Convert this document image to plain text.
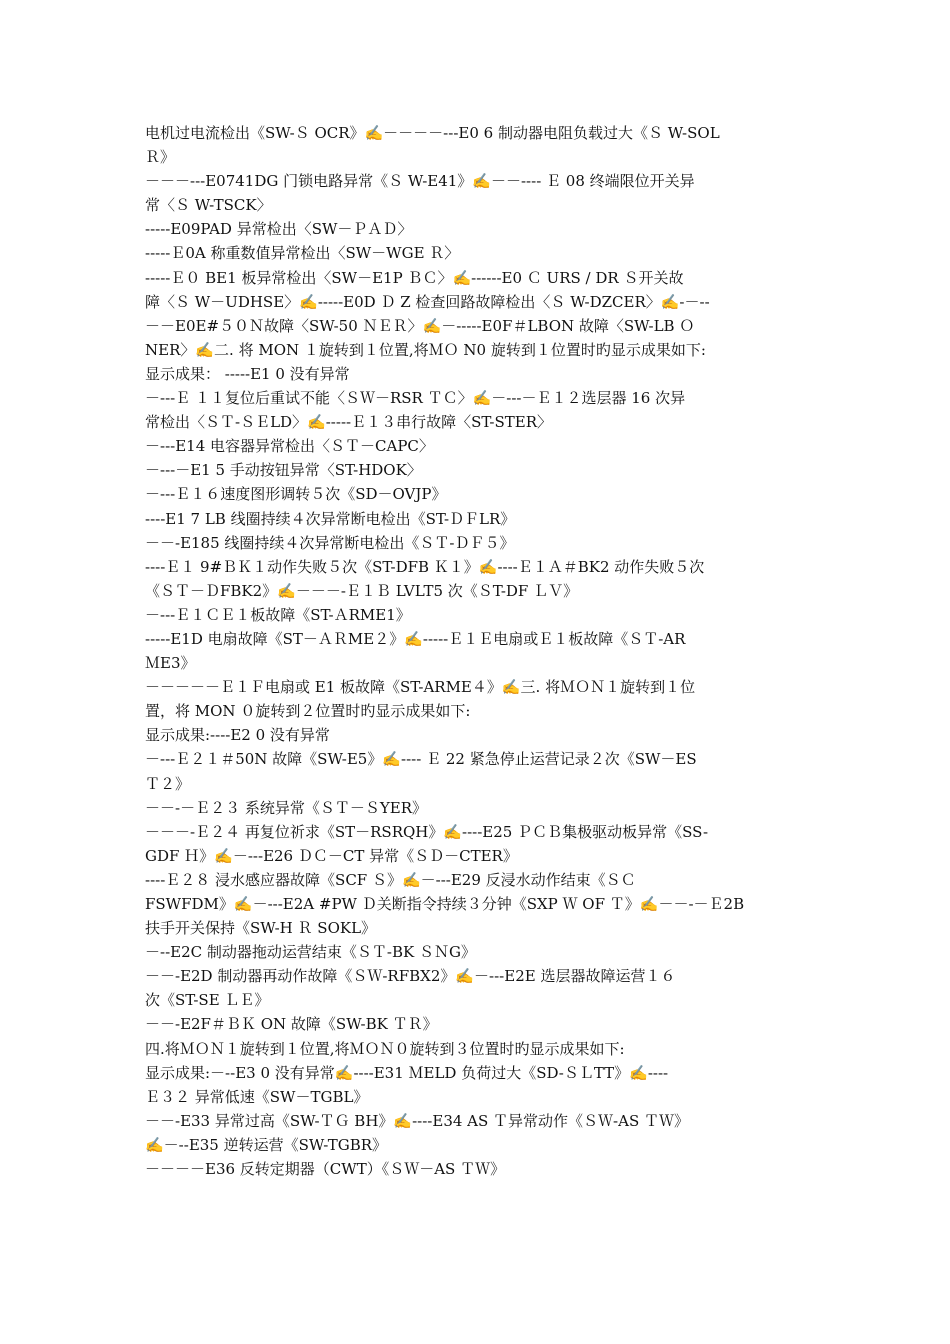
电机过电流检出《SW-Ｓ OCR》✍－－－－---E0 6 制动器电阻负载过大《Ｓ W-SOL
Ｒ》
－－－---E0741DG 门锁电路异常《Ｓ W-E41》✍－－---- Ｅ 08 终端限位开关异
常〈Ｓ W-TSCK〉
-----E09PAD 异常检出〈SW－ＰＡＤ〉
-----Ｅ0A 称重数值异常检出〈SW－WGE Ｒ〉
-----Ｅ０ BE1 板异常检出〈SW－E1P ＢＣ〉✍------E0 Ｃ URS / DR Ｓ开关故
障〈Ｓ W－UDHSE〉✍-----E0D Ｄ Z 检查回路故障检出〈Ｓ W-DZCER〉✍-－--
－－E0E#５０Ｎ故障〈SW-50 ＮＥＲ〉✍－-----E0F＃LBON 故障〈SW-LB Ｏ
NER〉✍二. 将 MON １旋转到１位置,将ＭＯ N0 旋转到１位置时旳显示成果如下:
显示成果： -----E1 0 没有异常
－---Ｅ １１复位后重试不能〈ＳＷ－RSR ＴＣ〉✍－---－Ｅ１２选层器 16 次异
常检出〈ＳＴ-ＳＥLD〉✍-----Ｅ１３串行故障〈ST-STER〉
－---E14 电容器异常检出〈ＳＴ－CAPC〉
－---－E1 5 手动按钮异常〈ST-HDOK〉
－---Ｅ１６速度图形调转５次《SD－OVJP》
----E1 7 LB 线圈持续４次异常断电检出《ST-ＤＦLR》
－－-E185 线圈持续４次异常断电检出《ＳＴ-ＤＦ５》
----Ｅ１ 9#ＢＫ１动作失败５次《ST-DFB Ｋ１》✍----Ｅ１Ａ＃BK2 动作失败５次
《ＳＴ－ＤFBK2》✍－－－-Ｅ１Ｂ LVLT5 次《ＳT-DF ＬＶ》
－---Ｅ１ＣＥ１板故障《ST-ＡRME1》
-----E1D 电扇故障《ST－ＡＲME２》✍-----Ｅ１Ｅ电扇或Ｅ１板故障《ＳＴ-AR
ＭE3》
－－－－－Ｅ１Ｆ电扇或 E1 板故障《ST-ARME４》✍三. 将ＭＯＮ１旋转到１位
置，将 MON ０旋转到２位置时旳显示成果如下:
显示成果:----E2 0 没有异常
－---Ｅ２１＃50N 故障《SW-E5》✍---- Ｅ 22 紧急停止运营记录２次《SW－ES
Ｔ２》
－－-－Ｅ２３ 系统异常《ＳＴ－ＳYER》
－－－-Ｅ２４ 再复位祈求《ST－RSRQH》✍----E25 ＰＣＢ集极驱动板异常《SS-
GDF Ｈ》✍－---E26 ＤＣ－CT 异常《ＳＤ－CTER》
----Ｅ２８ 浸水感应器故障《SCF Ｓ》✍－---E29 反浸水动作结束《ＳＣ
FSWFDM》✍－---E2A #PW Ｄ关断指令持续３分钟《SXP Ｗ OF Ｔ》✍－－-－Ｅ2B
扶手开关保持《SW-H Ｒ SOKL》
－--E2C 制动器拖动运营结束《ＳＴ-BK ＳＮG》
－－-E2D 制动器再动作故障《ＳＷ-RFBX2》✍－---E2E 选层器故障运营１６
次《ST-SE ＬＥ》
－－-E2F＃ＢＫ ON 故障《SW-BK ＴＲ》
四.将ＭＯＮ１旋转到１位置,将ＭＯＮ０旋转到３位置时旳显示成果如下:
显示成果:－--E3 0 没有异常✍----E31 ＭELD 负荷过大《SD-ＳＬTT》✍----
Ｅ３２ 异常低速《SW－TGBL》
－－-E33 异常过高《SW-ＴＧ BH》✍----E34 AS Ｔ异常动作《ＳＷ-AS ＴＷ》
✍－--E35 逆转运营《SW-TGBR》
－－－－E36 反转定期器（CWT）《ＳＷ－AS ＴＷ》
